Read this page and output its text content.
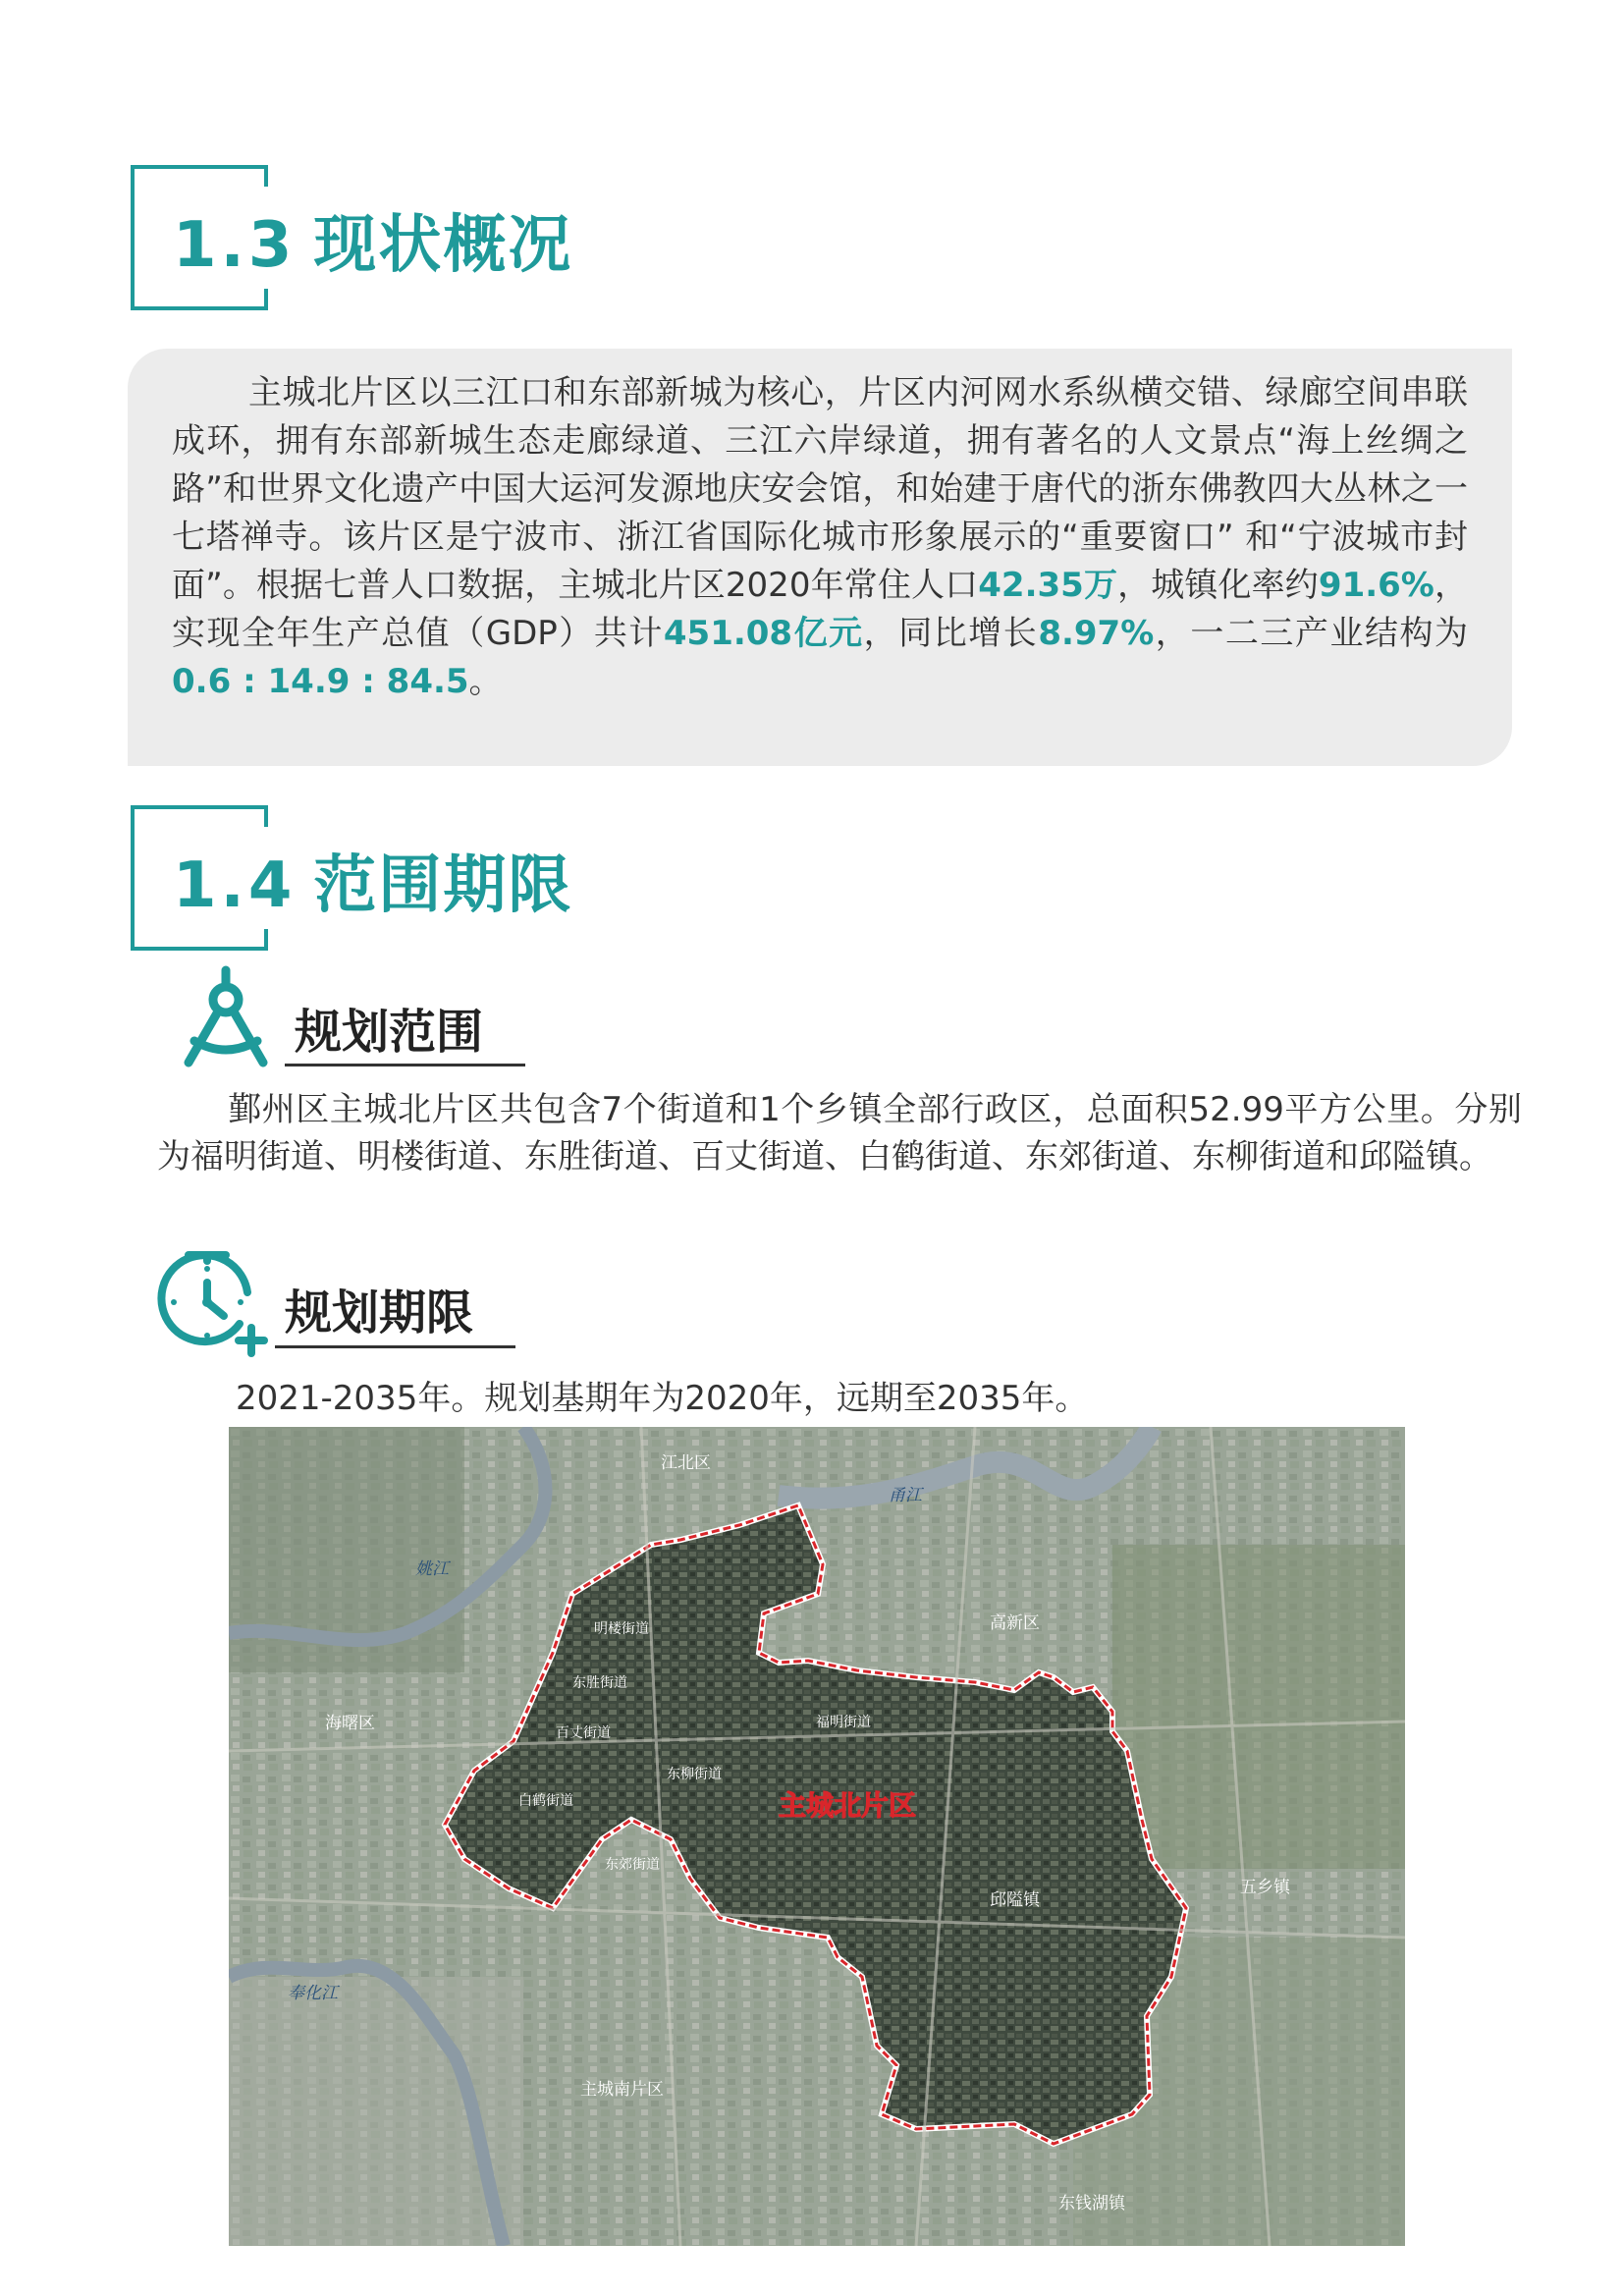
1.3 现状概况
主城北片区以三江口和东部新城为核心，片区内河网水系纵横交错、绿廊空间串联成环，拥有东部新城生态走廊绿道、三江六岸绿道，拥有著名的人文景点“海上丝绸之路”和世界文化遗产中国大运河发源地庆安会馆，和始建于唐代的浙东佛教四大丛林之一七塔禅寺。该片区是宁波市、浙江省国际化城市形象展示的“重要窗口” 和“宁波城市封面”。根据七普人口数据，主城北片区2020年常住人口42.35万，城镇化率约91.6%，实现全年生产总值（GDP）共计451.08亿元，同比增长8.97%，一二三产业结构为0.6 : 14.9 : 84.5。
1.4 范围期限
规划范围
鄞州区主城北片区共包含7个街道和1个乡镇全部行政区，总面积52.99平方公里。分别为福明街道、明楼街道、东胜街道、百丈街道、白鹤街道、东郊街道、东柳街道和邱隘镇。
规划期限
2021-2035年。规划基期年为2020年，远期至2035年。
江北区
甬江
姚江
高新区
海曙区
明楼街道
东胜街道
百丈街道
福明街道
东柳街道
白鹤街道
东郊街道
邱隘镇
五乡镇
奉化江
主城南片区
东钱湖镇
主城北片区
